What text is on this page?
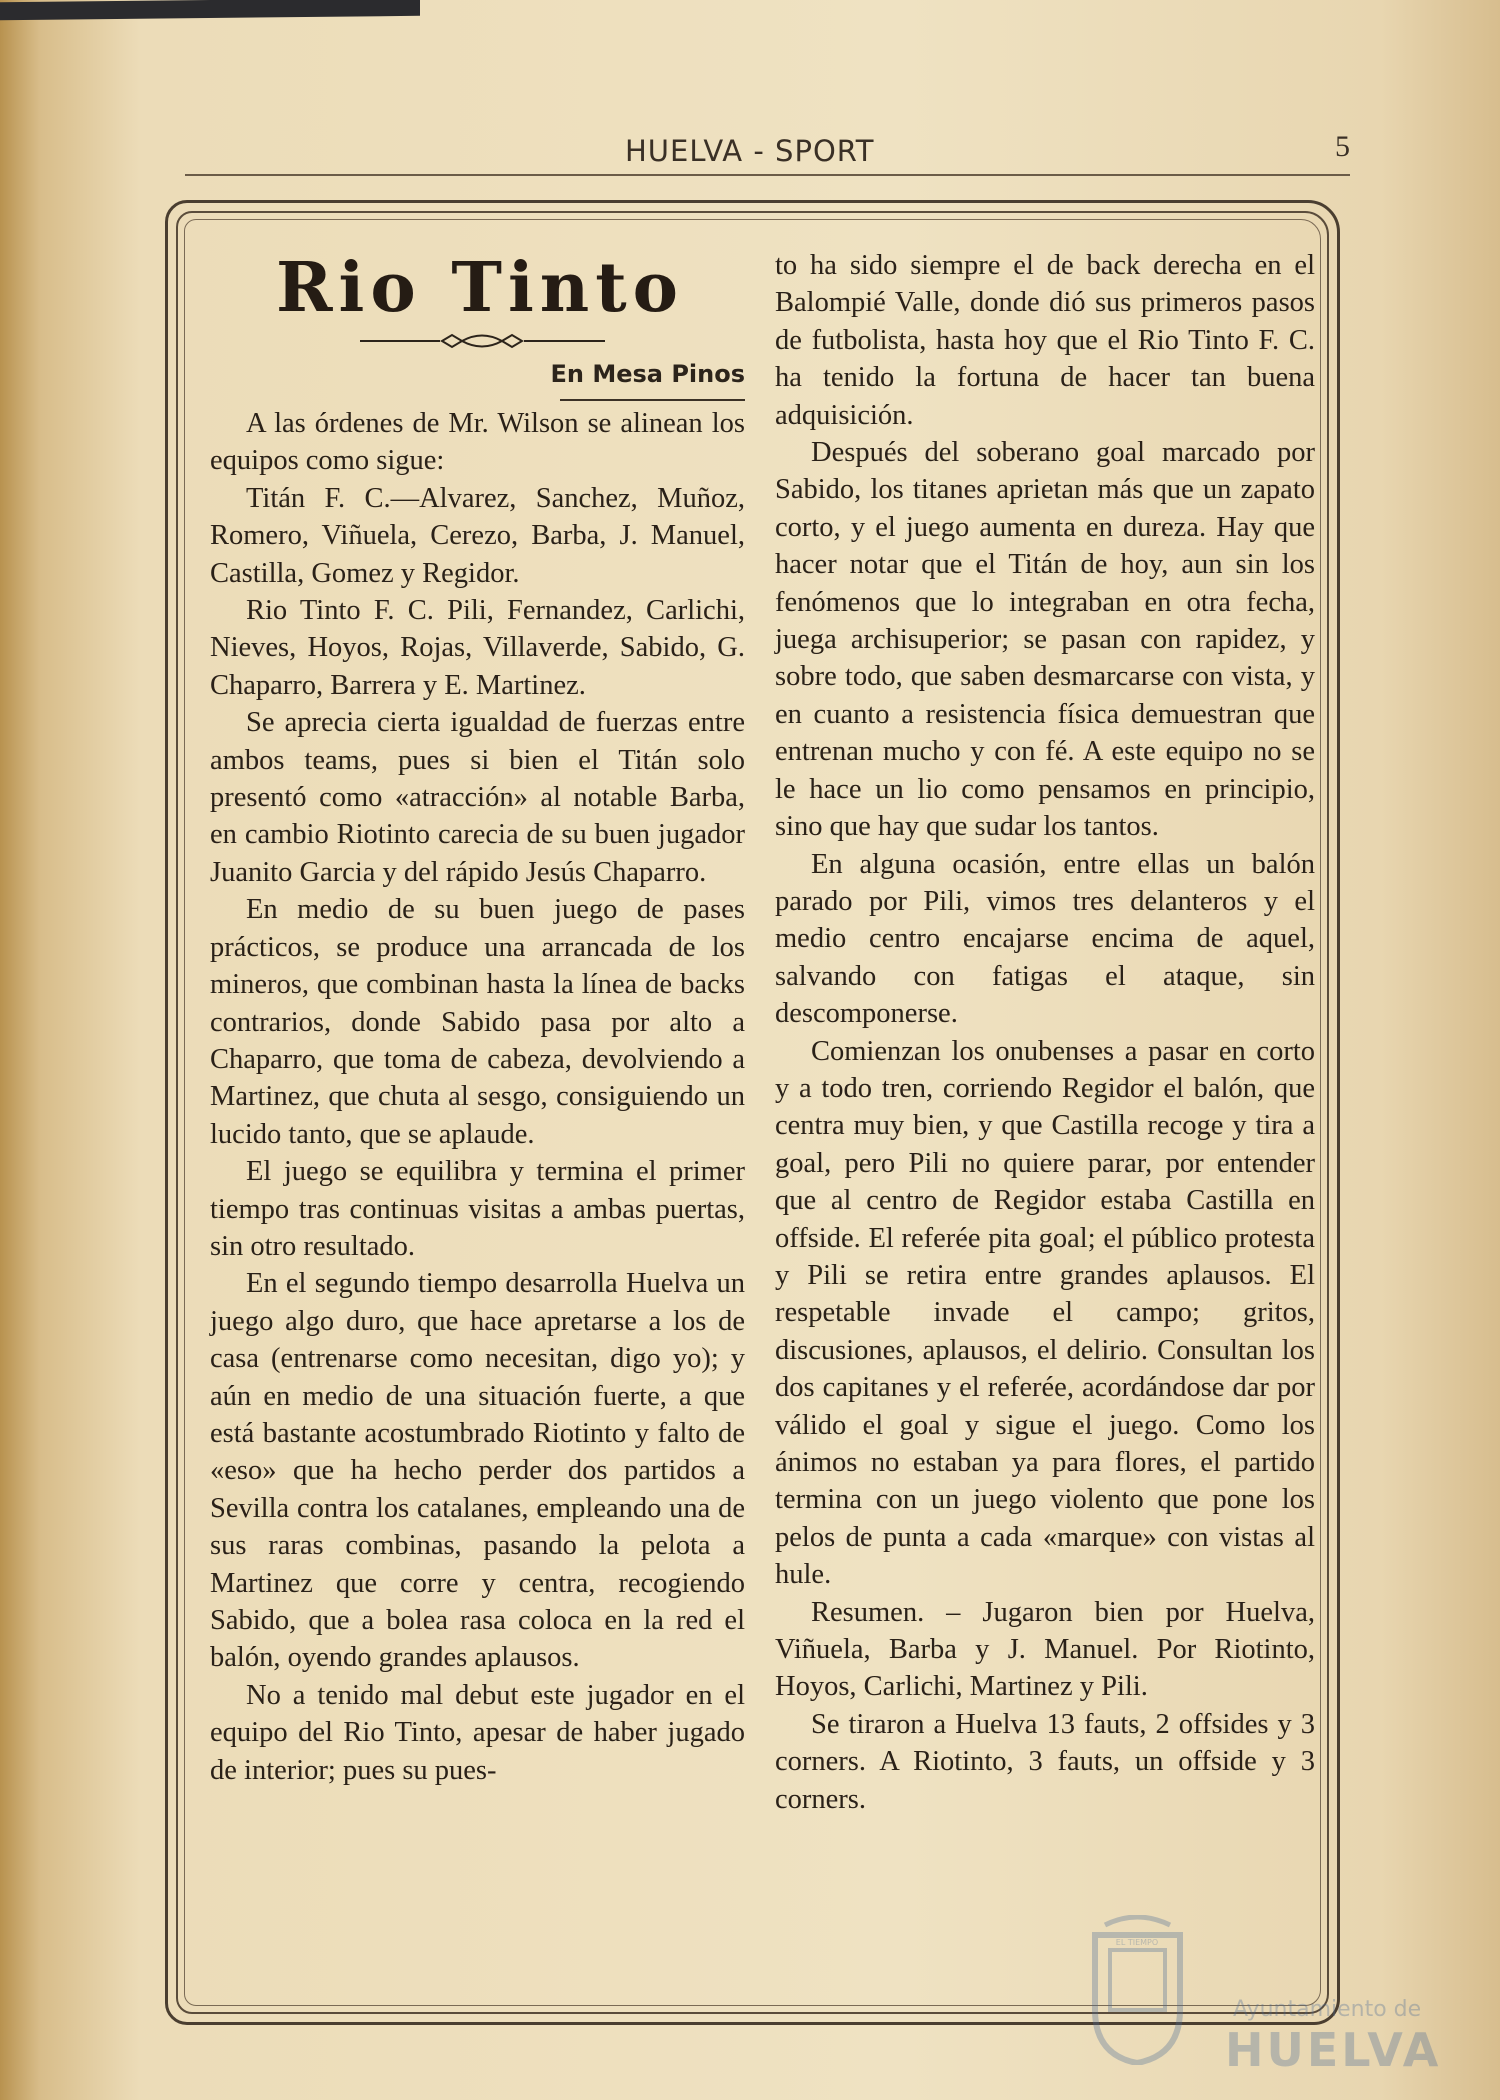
HUELVA - SPORT	5
Rio Tinto
En Mesa Pinos

A las órdenes de Mr. Wilson se alinean los equipos como sigue:

Titán F. C.—Alvarez, Sanchez, Muñoz, Romero, Viñuela, Cerezo, Barba, J. Manuel, Castilla, Gomez y Regidor.

Rio Tinto F. C. Pili, Fernandez, Carlichi, Nieves, Hoyos, Rojas, Villaverde, Sabido, G. Chaparro, Barrera y E. Martinez.

Se aprecia cierta igualdad de fuerzas entre ambos teams, pues si bien el Titán solo presentó como «atracción» al notable Barba, en cambio Riotinto carecia de su buen jugador Juanito Garcia y del rápido Jesús Chaparro.

En medio de su buen juego de pases prácticos, se produce una arrancada de los mineros, que combinan hasta la línea de backs contrarios, donde Sabido pasa por alto a Chaparro, que toma de cabeza, devolviendo a Martinez, que chuta al sesgo, consiguiendo un lucido tanto, que se aplaude.

El juego se equilibra y termina el primer tiempo tras continuas visitas a ambas puertas, sin otro resultado.

En el segundo tiempo desarrolla Huelva un juego algo duro, que hace apretarse a los de casa (entrenarse como necesitan, digo yo); y aún en medio de una situación fuerte, a que está bastante acostumbrado Riotinto y falto de «eso» que ha hecho perder dos partidos a Sevilla contra los catalanes, empleando una de sus raras combinas, pasando la pelota a Martinez que corre y centra, recogiendo Sabido, que a bolea rasa coloca en la red el balón, oyendo grandes aplausos.

No a tenido mal debut este jugador en el equipo del Rio Tinto, apesar de haber jugado de interior; pues su pues-

to ha sido siempre el de back derecha en el Balompié Valle, donde dió sus primeros pasos de futbolista, hasta hoy que el Rio Tinto F. C. ha tenido la fortuna de hacer tan buena adquisición.

Después del soberano goal marcado por Sabido, los titanes aprietan más que un zapato corto, y el juego aumenta en dureza. Hay que hacer notar que el Titán de hoy, aun sin los fenómenos que lo integraban en otra fecha, juega archisuperior; se pasan con rapidez, y sobre todo, que saben desmarcarse con vista, y en cuanto a resistencia física demuestran que entrenan mucho y con fé. A este equipo no se le hace un lio como pensamos en principio, sino que hay que sudar los tantos.

En alguna ocasión, entre ellas un balón parado por Pili, vimos tres delanteros y el medio centro encajarse encima de aquel, salvando con fatigas el ataque, sin descomponerse.

Comienzan los onubenses a pasar en corto y a todo tren, corriendo Regidor el balón, que centra muy bien, y que Castilla recoge y tira a goal, pero Pili no quiere parar, por entender que al centro de Regidor estaba Castilla en offside. El referée pita goal; el público protesta y Pili se retira entre grandes aplausos. El respetable invade el campo; gritos, discusiones, aplausos, el delirio. Consultan los dos capitanes y el referée, acordándose dar por válido el goal y sigue el juego. Como los ánimos no estaban ya para flores, el partido termina con un juego violento que pone los pelos de punta a cada «marque» con vistas al hule.

Resumen. – Jugaron bien por Huelva, Viñuela, Barba y J. Manuel. Por Riotinto, Hoyos, Carlichi, Martinez y Pili.

Se tiraron a Huelva 13 fauts, 2 offsides y 3 corners. A Riotinto, 3 fauts, un offside y 3 corners.

EL TIEMPO
Ayuntamiento de
HUELVA
